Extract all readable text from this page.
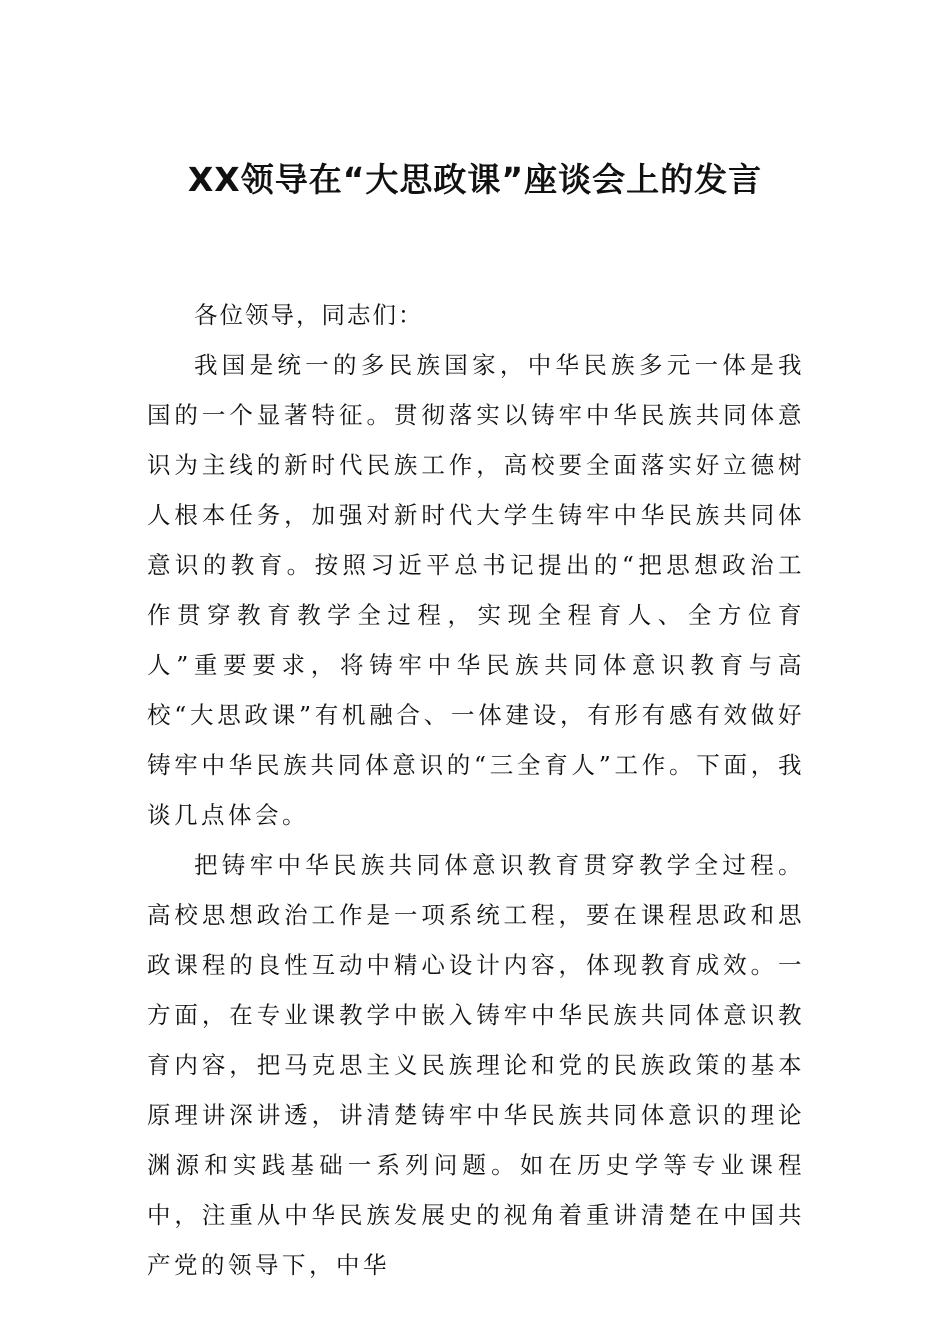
XX领导在“大思政课”座谈会上的发言

各位领导，同志们：

我国是统一的多民族国家，中华民族多元一体是我国的一个显著特征。贯彻落实以铸牢中华民族共同体意识为主线的新时代民族工作，高校要全面落实好立德树人根本任务，加强对新时代大学生铸牢中华民族共同体意识的教育。按照习近平总书记提出的“把思想政治工作贯穿教育教学全过程，实现全程育人、全方位育人”重要要求，将铸牢中华民族共同体意识教育与高校“大思政课”有机融合、一体建设，有形有感有效做好铸牢中华民族共同体意识的“三全育人”工作。下面，我谈几点体会。

把铸牢中华民族共同体意识教育贯穿教学全过程。高校思想政治工作是一项系统工程，要在课程思政和思政课程的良性互动中精心设计内容，体现教育成效。一方面，在专业课教学中嵌入铸牢中华民族共同体意识教育内容，把马克思主义民族理论和党的民族政策的基本原理讲深讲透，讲清楚铸牢中华民族共同体意识的理论渊源和实践基础一系列问题。如在历史学等专业课程中，注重从中华民族发展史的视角着重讲清楚在中国共产党的领导下，中华
